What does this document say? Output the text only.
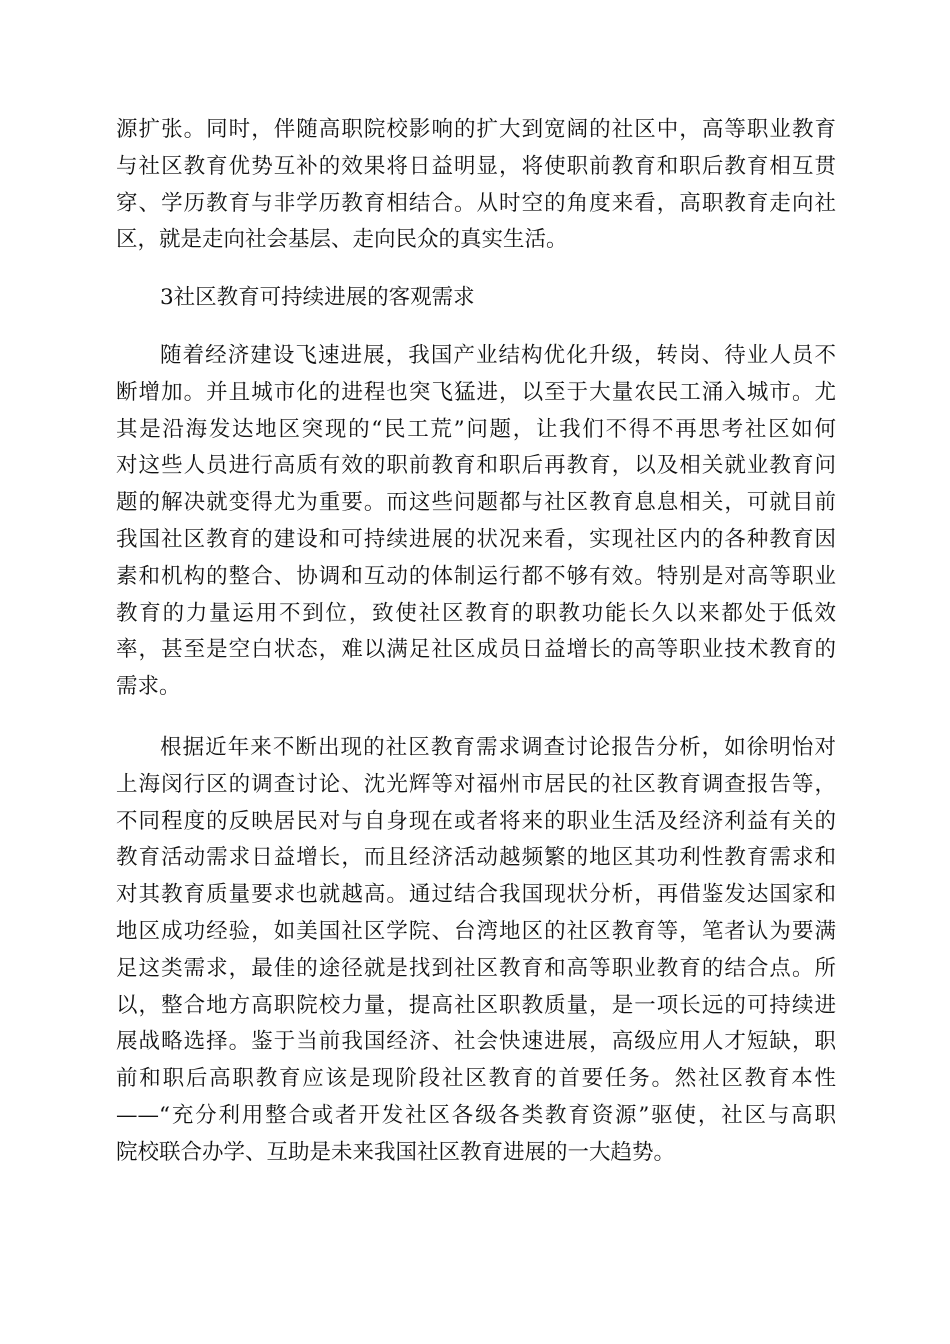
源扩张。同时，伴随高职院校影响的扩大到宽阔的社区中，高等职业教育
与社区教育优势互补的效果将日益明显，将使职前教育和职后教育相互贯
穿、学历教育与非学历教育相结合。从时空的角度来看，高职教育走向社
区，就是走向社会基层、走向民众的真实生活。
3社区教育可持续进展的客观需求
随着经济建设飞速进展，我国产业结构优化升级，转岗、待业人员不
断增加。并且城市化的进程也突飞猛进，以至于大量农民工涌入城市。尤
其是沿海发达地区突现的“民工荒”问题，让我们不得不再思考社区如何
对这些人员进行高质有效的职前教育和职后再教育，以及相关就业教育问
题的解决就变得尤为重要。而这些问题都与社区教育息息相关，可就目前
我国社区教育的建设和可持续进展的状况来看，实现社区内的各种教育因
素和机构的整合、协调和互动的体制运行都不够有效。特别是对高等职业
教育的力量运用不到位，致使社区教育的职教功能长久以来都处于低效
率，甚至是空白状态，难以满足社区成员日益增长的高等职业技术教育的
需求。
根据近年来不断出现的社区教育需求调查讨论报告分析，如徐明怡对
上海闵行区的调查讨论、沈光辉等对福州市居民的社区教育调查报告等，
不同程度的反映居民对与自身现在或者将来的职业生活及经济利益有关的
教育活动需求日益增长，而且经济活动越频繁的地区其功利性教育需求和
对其教育质量要求也就越高。通过结合我国现状分析，再借鉴发达国家和
地区成功经验，如美国社区学院、台湾地区的社区教育等，笔者认为要满
足这类需求，最佳的途径就是找到社区教育和高等职业教育的结合点。所
以，整合地方高职院校力量，提高社区职教质量，是一项长远的可持续进
展战略选择。鉴于当前我国经济、社会快速进展，高级应用人才短缺，职
前和职后高职教育应该是现阶段社区教育的首要任务。然社区教育本性
——“充分利用整合或者开发社区各级各类教育资源”驱使，社区与高职
院校联合办学、互助是未来我国社区教育进展的一大趋势。
